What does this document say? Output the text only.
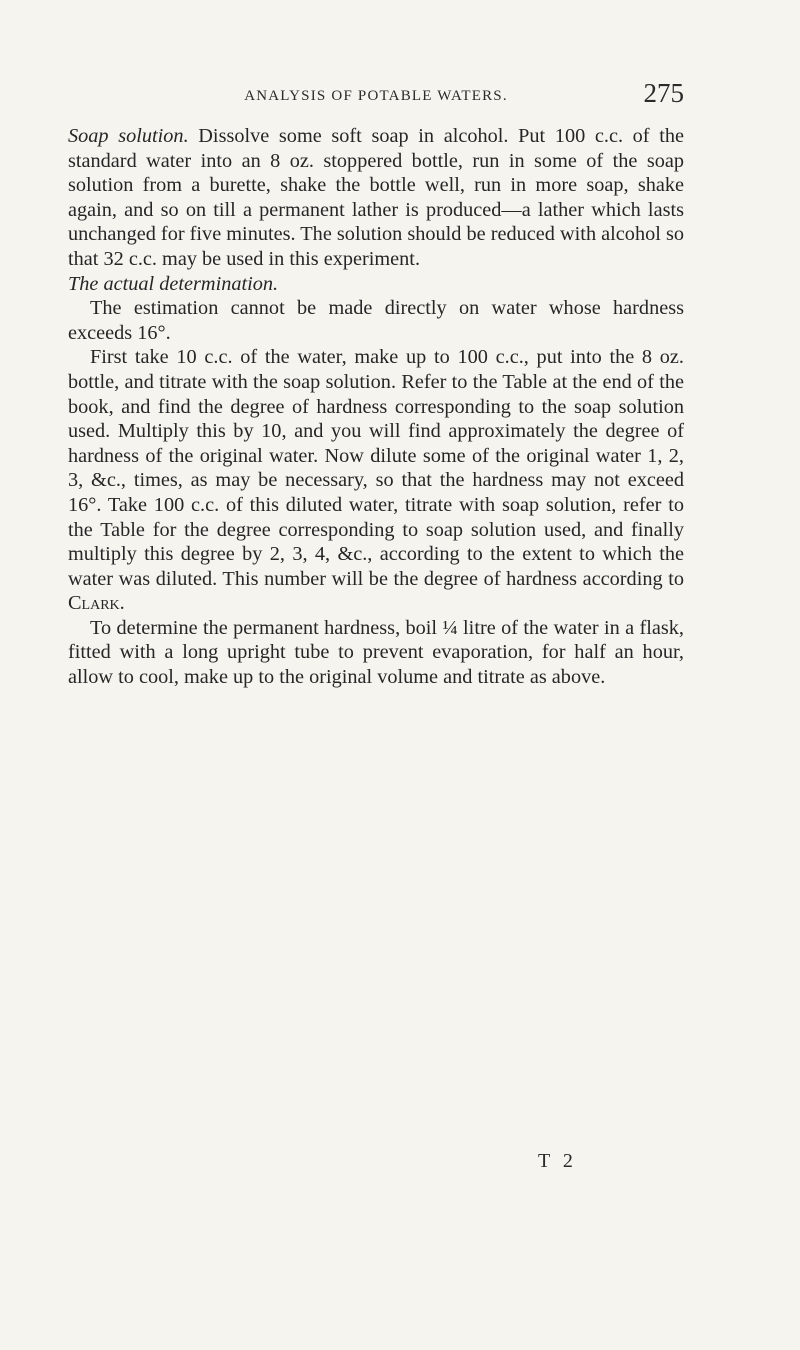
ANALYSIS OF POTABLE WATERS.	275

Soap solution. Dissolve some soft soap in alcohol. Put 100 c.c. of the standard water into an 8 oz. stoppered bottle, run in some of the soap solution from a burette, shake the bottle well, run in more soap, shake again, and so on till a permanent lather is produced—a lather which lasts unchanged for five minutes. The solution should be reduced with alcohol so that 32 c.c. may be used in this experiment.

The actual determination.

The estimation cannot be made directly on water whose hardness exceeds 16°.

First take 10 c.c. of the water, make up to 100 c.c., put into the 8 oz. bottle, and titrate with the soap solution. Refer to the Table at the end of the book, and find the degree of hardness corresponding to the soap solution used. Multiply this by 10, and you will find approximately the degree of hardness of the original water. Now dilute some of the original water 1, 2, 3, &c., times, as may be necessary, so that the hardness may not exceed 16°. Take 100 c.c. of this diluted water, titrate with soap solution, refer to the Table for the degree corresponding to soap solution used, and finally multiply this degree by 2, 3, 4, &c., according to the extent to which the water was diluted. This number will be the degree of hardness according to Clark.

To determine the permanent hardness, boil ¼ litre of the water in a flask, fitted with a long upright tube to prevent evaporation, for half an hour, allow to cool, make up to the original volume and titrate as above.

T 2
